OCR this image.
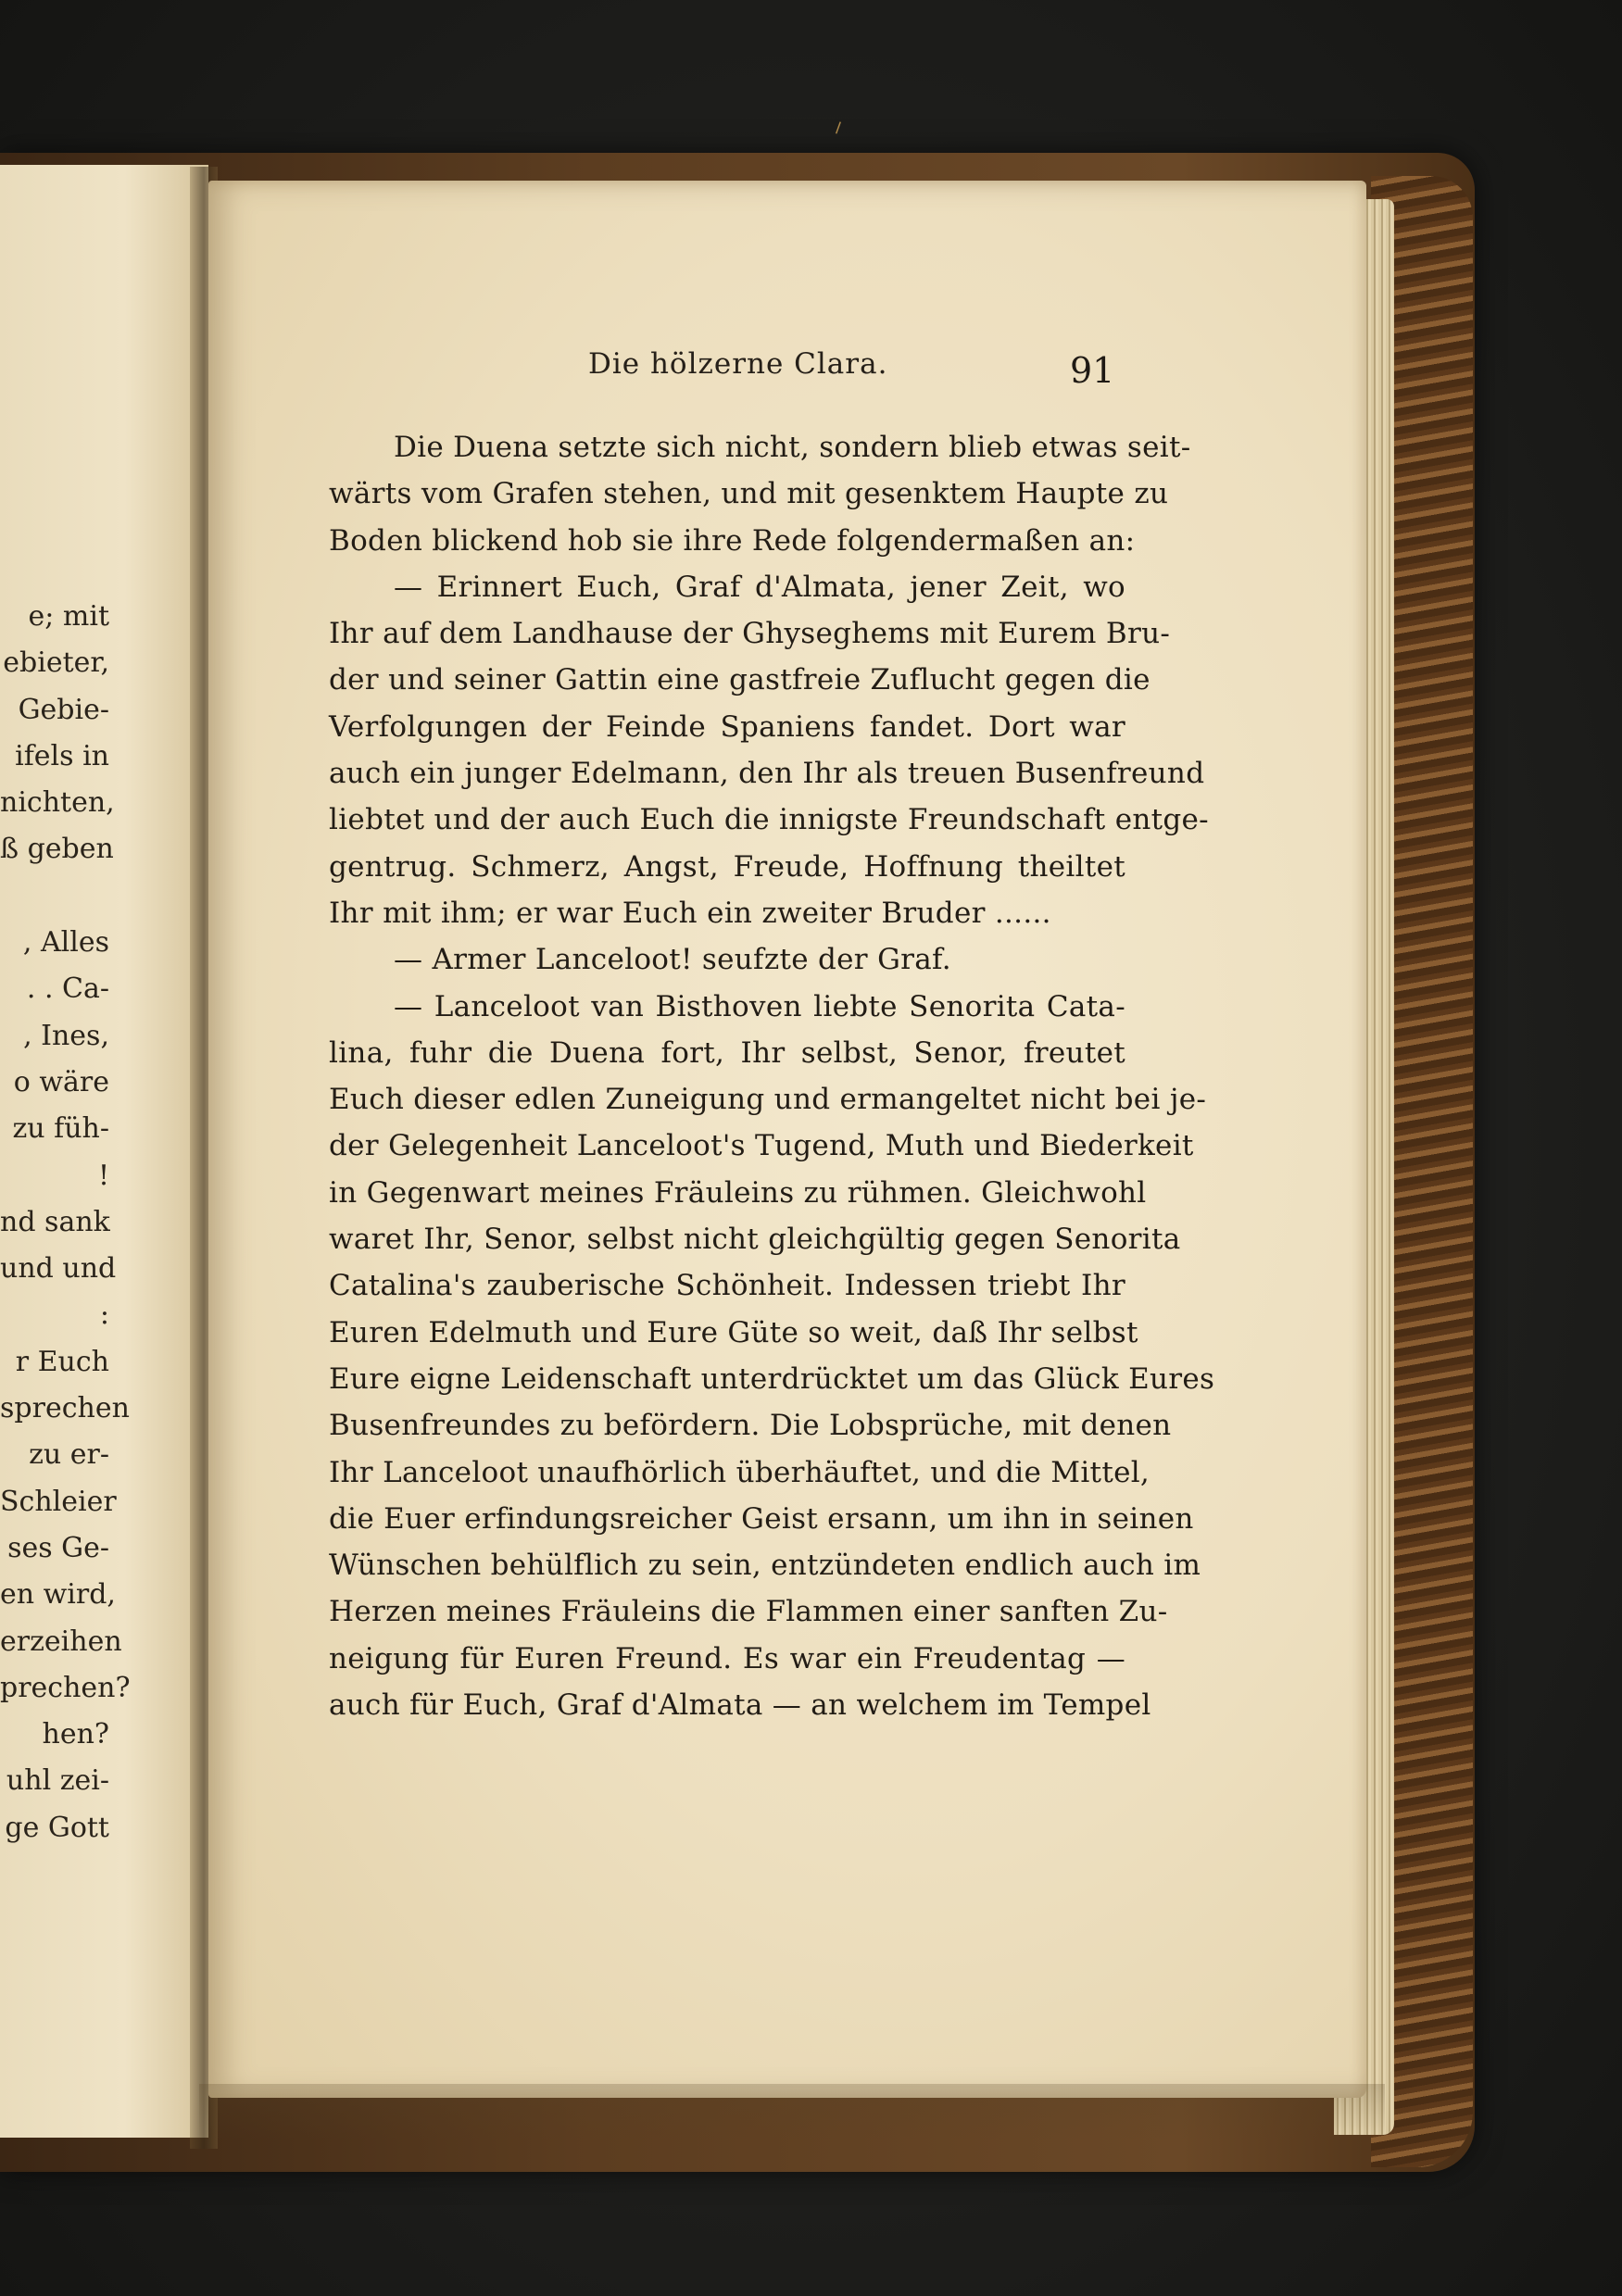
e; mit
ebieter,
Gebie-
ifels in
nichten,
ß geben
, Alles
. . Ca-
, Ines,
o wäre
zu füh-
!
nd sank
und und
:
r Euch
sprechen
zu er-
Schleier
ses Ge-
en wird,
erzeihen
prechen?
hen?
uhl zei-
ge Gott
⸝
Die hölzerne Clara.	91
Die Duena setzte sich nicht, sondern blieb etwas seit-
wärts vom Grafen stehen, und mit gesenktem Haupte zu
Boden blickend hob sie ihre Rede folgendermaßen an:
— Erinnert Euch, Graf d'Almata, jener Zeit, wo
Ihr auf dem Landhause der Ghyseghems mit Eurem Bru-
der und seiner Gattin eine gastfreie Zuflucht gegen die
Verfolgungen der Feinde Spaniens fandet. Dort war
auch ein junger Edelmann, den Ihr als treuen Busenfreund
liebtet und der auch Euch die innigste Freundschaft entge-
gentrug. Schmerz, Angst, Freude, Hoffnung theiltet
Ihr mit ihm; er war Euch ein zweiter Bruder ......
— Armer Lanceloot! seufzte der Graf.
— Lanceloot van Bisthoven liebte Senorita Cata-
lina, fuhr die Duena fort, Ihr selbst, Senor, freutet
Euch dieser edlen Zuneigung und ermangeltet nicht bei je-
der Gelegenheit Lanceloot's Tugend, Muth und Biederkeit
in Gegenwart meines Fräuleins zu rühmen. Gleichwohl
waret Ihr, Senor, selbst nicht gleichgültig gegen Senorita
Catalina's zauberische Schönheit. Indessen triebt Ihr
Euren Edelmuth und Eure Güte so weit, daß Ihr selbst
Eure eigne Leidenschaft unterdrücktet um das Glück Eures
Busenfreundes zu befördern. Die Lobsprüche, mit denen
Ihr Lanceloot unaufhörlich überhäuftet, und die Mittel,
die Euer erfindungsreicher Geist ersann, um ihn in seinen
Wünschen behülflich zu sein, entzündeten endlich auch im
Herzen meines Fräuleins die Flammen einer sanften Zu-
neigung für Euren Freund. Es war ein Freudentag —
auch für Euch, Graf d'Almata — an welchem im Tempel
